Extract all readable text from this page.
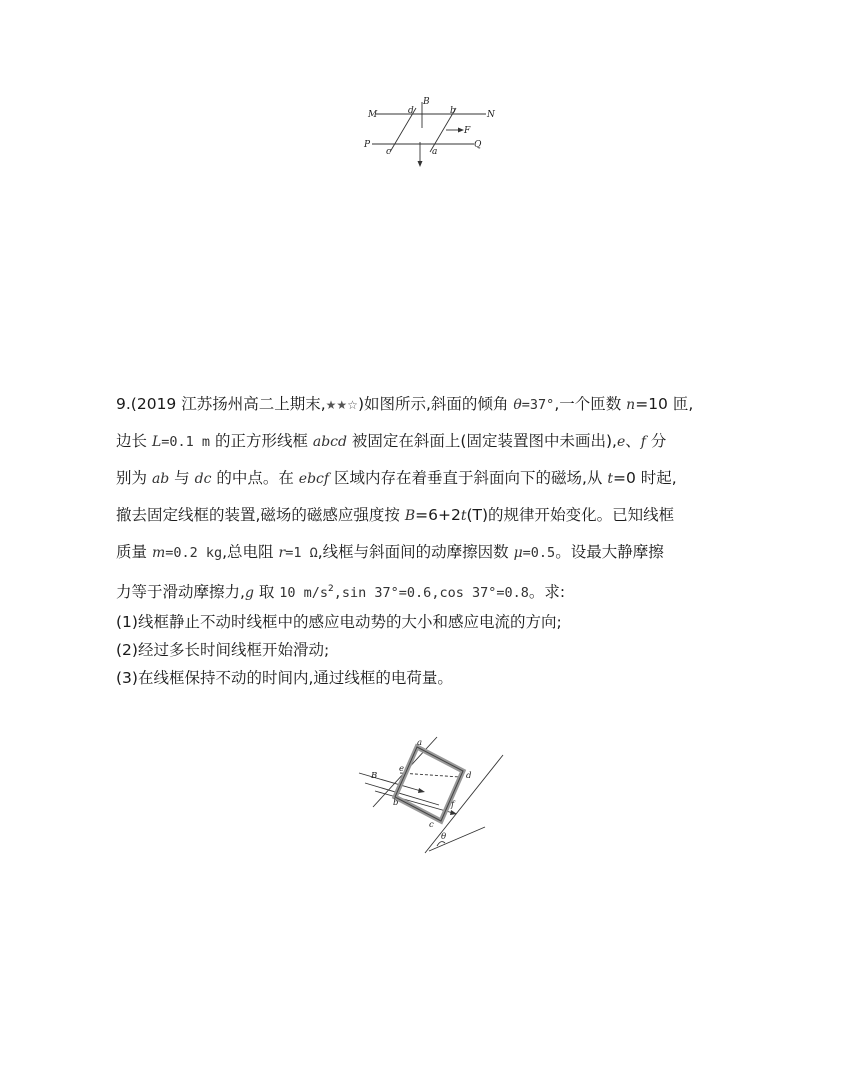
M	N
P	Q
B
F
d	b
c	a
9.(2019 江苏扬州高二上期末,★★☆)如图所示,斜面的倾角 θ=37°,一个匝数 n=10 匝,
边长 L=0.1 m 的正方形线框 abcd 被固定在斜面上(固定装置图中未画出),e、f 分
别为 ab 与 dc 的中点。在 ebcf 区域内存在着垂直于斜面向下的磁场,从 t=0 时起,
撤去固定线框的装置,磁场的磁感应强度按 B=6+2t(T)的规律开始变化。已知线框
质量 m=0.2 kg,总电阻 r=1 Ω,线框与斜面间的动摩擦因数 μ=0.5。设最大静摩擦
力等于滑动摩擦力,g 取 10 $m/s^2,\sin$ 37°=0.6,cos 37°=0.8。求:
(1)线框静止不动时线框中的感应电动势的大小和感应电流的方向;
(2)经过多长时间线框开始滑动;
(3)在线框保持不动的时间内,通过线框的电荷量。
a
d
b
c
e
f
B
θ
